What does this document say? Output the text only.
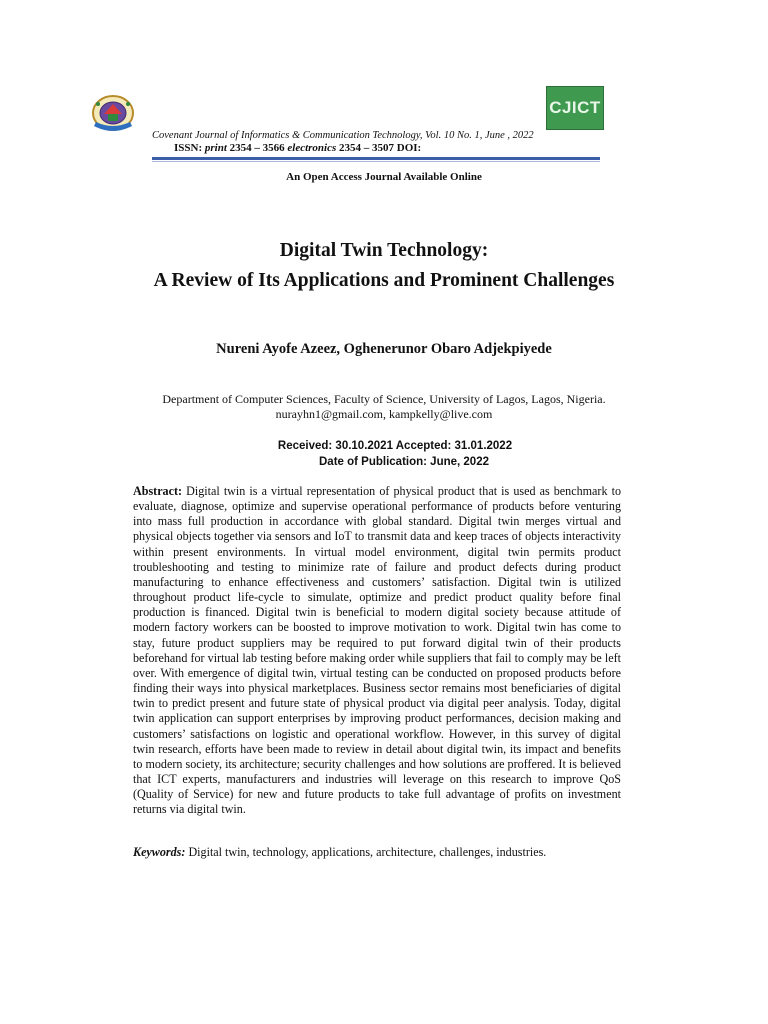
CJICT
Covenant Journal of Informatics & Communication Technology, Vol. 10 No. 1, June , 2022
ISSN: print 2354 – 3566 electronics 2354 – 3507 DOI:
An Open Access Journal Available Online
Digital Twin Technology:
A Review of Its Applications and Prominent Challenges
Nureni Ayofe Azeez, Oghenerunor Obaro Adjekpiyede
Department of Computer Sciences, Faculty of Science, University of Lagos, Lagos, Nigeria.
nurayhn1@gmail.com, kampkelly@live.com
Received: 30.10.2021 Accepted: 31.01.2022
Date of Publication: June, 2022
Abstract: Digital twin is a virtual representation of physical product that is used as benchmark to evaluate, diagnose, optimize and supervise operational performance of products before venturing into mass full production in accordance with global standard. Digital twin merges virtual and physical objects together via sensors and IoT to transmit data and keep traces of objects interactivity within present environments. In virtual model environment, digital twin permits product troubleshooting and testing to minimize rate of failure and product defects during product manufacturing to enhance effectiveness and customers’ satisfaction. Digital twin is utilized throughout product life-cycle to simulate, optimize and predict product quality before final production is financed. Digital twin is beneficial to modern digital society because attitude of modern factory workers can be boosted to improve motivation to work. Digital twin has come to stay, future product suppliers may be required to put forward digital twin of their products beforehand for virtual lab testing before making order while suppliers that fail to comply may be left over. With emergence of digital twin, virtual testing can be conducted on proposed products before finding their ways into physical marketplaces. Business sector remains most beneficiaries of digital twin to predict present and future state of physical product via digital peer analysis. Today, digital twin application can support enterprises by improving product performances, decision making and customers’ satisfactions on logistic and operational workflow. However, in this survey of digital twin research, efforts have been made to review in detail about digital twin, its impact and benefits to modern society, its architecture; security challenges and how solutions are proffered. It is believed that ICT experts, manufacturers and industries will leverage on this research to improve QoS (Quality of Service) for new and future products to take full advantage of profits on investment returns via digital twin.
Keywords: Digital twin, technology, applications, architecture, challenges, industries.
